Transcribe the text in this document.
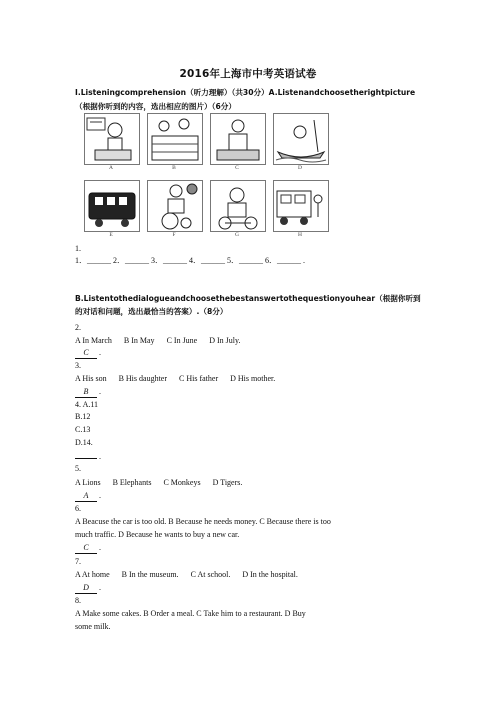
2016年上海市中考英语试卷
Ⅰ.Listeningcomprehension（听力理解）（共30分）A.Listenandchoosetherightpicture（根据你听到的内容，选出相应的图片）（6分）
A	B	C	D
E	F	G	H
1.
1．______ 2．______ 3．______ 4．______ 5．______ 6．______ .
B.Listentothedialogueandchoosethebestanswertothequestionyouhear（根据你听到的对话和问题，选出最恰当的答案）.（8分）
2.
A In March B In May C In June D In July.
C .
3.
A His son B His daughter C His father D His mother.
B .
4. A.11
B.12
C.13
D.14.
.
5.
A Lions B Elephants C Monkeys D Tigers.
A .
6.
A Beacuse the car is too old. B Because he needs money. C Because there is too
much traffic. D Because he wants to buy a new car.
C .
7.
A At home B In the museum. C At school. D In the hospital.
D .
8.
A Make some cakes. B Order a meal. C Take him to a restaurant. D Buy
some milk.
